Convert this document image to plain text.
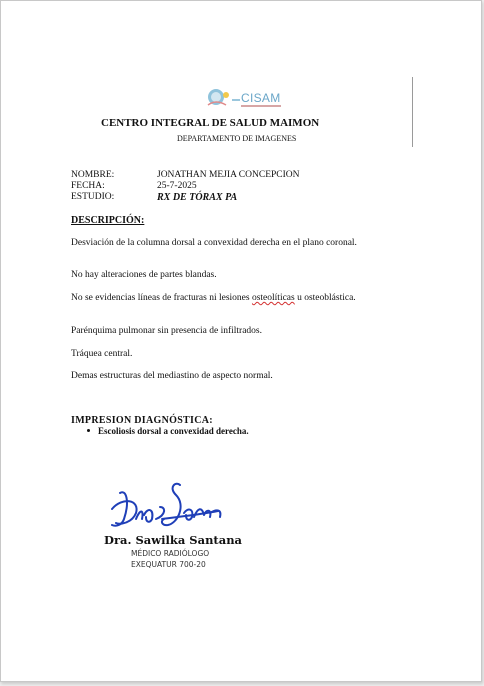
CISAM
CENTRO INTEGRAL DE SALUD MAIMON
DEPARTAMENTO DE IMAGENES
NOMBRE:	JONATHAN MEJIA CONCEPCION
FECHA:	25-7-2025
ESTUDIO:	RX DE TÓRAX PA
DESCRIPCIÓN:
Desviación de la columna dorsal a convexidad derecha en el plano coronal.
No hay alteraciones de partes blandas.
No se evidencias líneas de fracturas ni lesiones osteolíticas u osteoblástica.
Parénquima pulmonar sin presencia de infiltrados.
Tráquea central.
Demas estructuras del mediastino de aspecto normal.
IMPRESION DIAGNÓSTICA:
Escoliosis dorsal a convexidad derecha.
Dra. Sawilka Santana
MÉDICO RADIÓLOGO
EXEQUATUR 700-20
